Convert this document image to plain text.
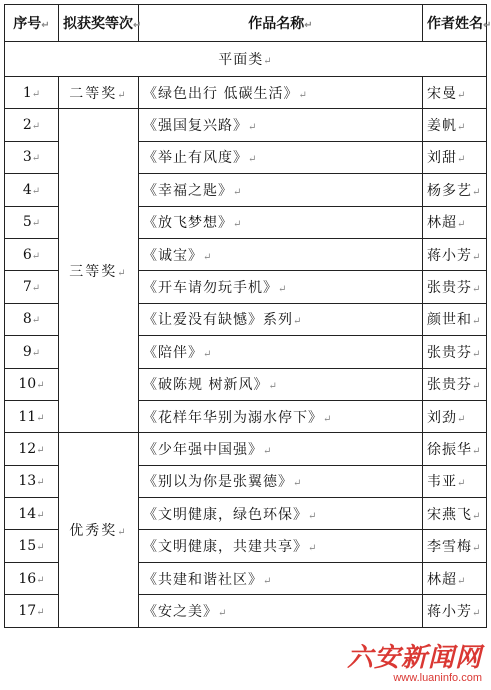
序号↵	拟获奖等次↵	作品名称↵	作者姓名↵
平面类↵			
1↵	二等奖↵	《绿色出行 低碳生活》↵	宋曼↵
2↵	三等奖↵	《强国复兴路》↵	姜帆↵
3↵		《举止有风度》↵	刘甜↵
4↵		《幸福之匙》↵	杨多艺↵
5↵		《放飞梦想》↵	林超↵
6↵		《诚宝》↵	蒋小芳↵
7↵		《开车请勿玩手机》↵	张贵芬↵
8↵		《让爱没有缺憾》系列↵	颜世和↵
9↵		《陪伴》↵	张贵芬↵
10↵		《破陈规 树新风》↵	张贵芬↵
11↵		《花样年华别为溺水停下》↵	刘劲↵
12↵	优秀奖↵	《少年强中国强》↵	徐振华↵
13↵		《别以为你是张翼德》↵	韦亚↵
14↵		《文明健康，绿色环保》↵	宋燕飞↵
15↵		《文明健康，共建共享》↵	李雪梅↵
16↵		《共建和谐社区》↵	林超↵
17↵		《安之美》↵	蒋小芳↵
六安新闻网
www.luaninfo.com
